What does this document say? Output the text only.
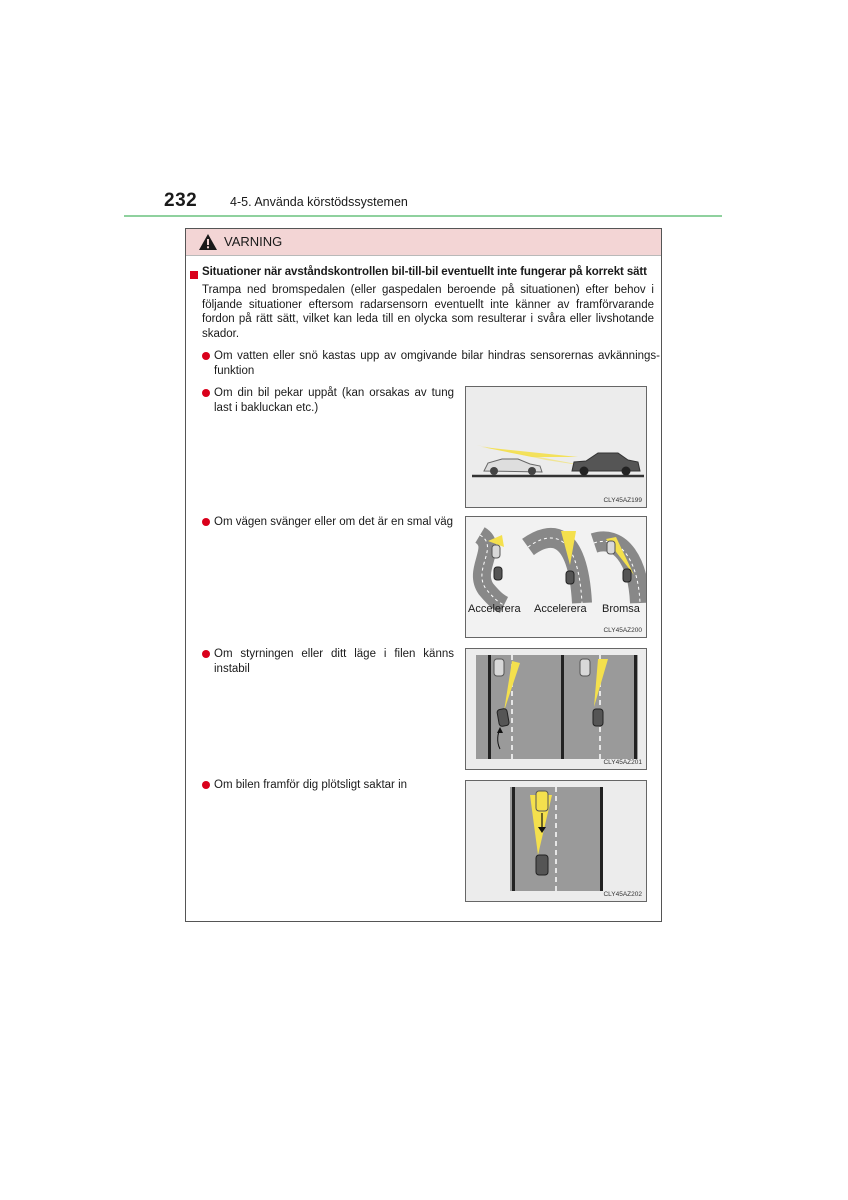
232	4-5. Använda körstödssystemen
VARNING
Situationer när avståndskontrollen bil-till-bil eventuellt inte fungerar på korrekt sätt
Trampa ned bromspedalen (eller gaspedalen beroende på situationen) efter behov i följande situationer eftersom radarsensorn eventuellt inte känner av framförvarande fordon på rätt sätt, vilket kan leda till en olycka som resulterar i svåra eller livshotande skador.
Om vatten eller snö kastas upp av omgivande bilar hindras sensorernas avkännings- funktion
Om din bil pekar uppåt (kan orsakas av tung last i bakluckan etc.)
CLY45AZ199
Om vägen svänger eller om det är en smal väg
Accelerera Accelerera Bromsa
CLY45AZ200
Om styrningen eller ditt läge i filen känns instabil
CLY45AZ201
Om bilen framför dig plötsligt saktar in
CLY45AZ202
